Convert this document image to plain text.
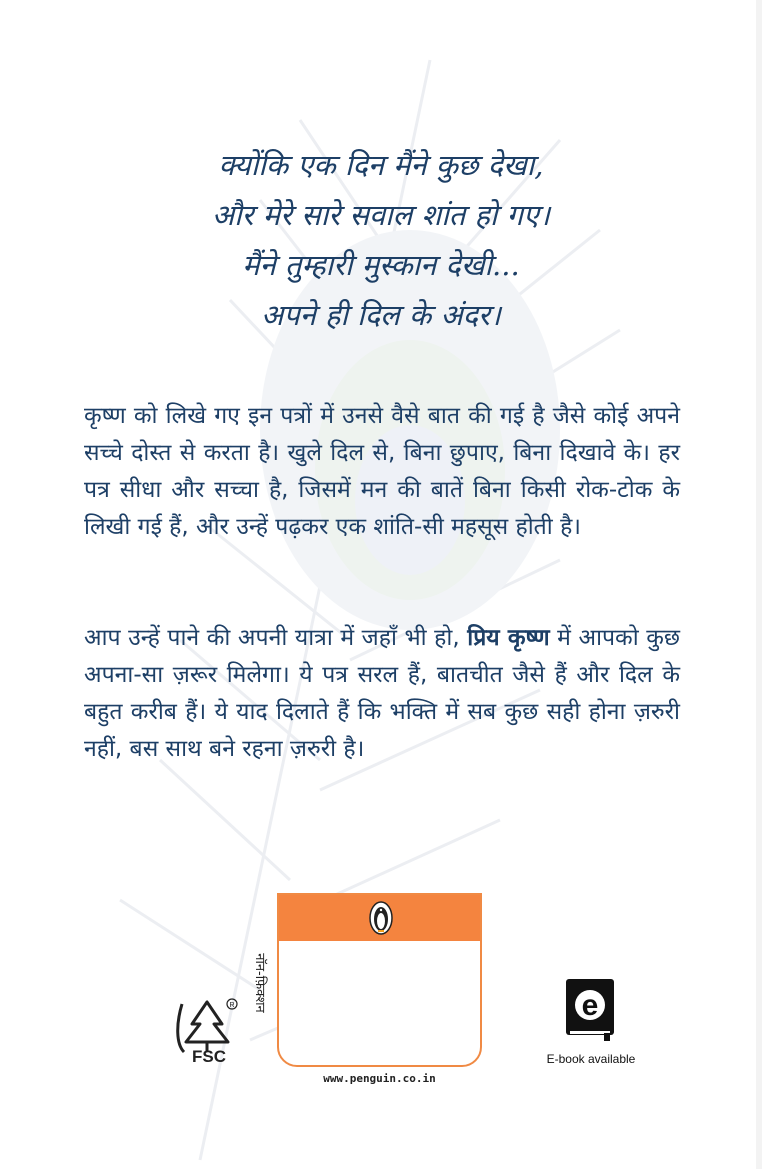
क्योंकि एक दिन मैंने कुछ देखा,
और मेरे सारे सवाल शांत हो गए।
मैंने तुम्हारी मुस्कान देखी...
अपने ही दिल के अंदर।

कृष्ण को लिखे गए इन पत्रों में उनसे वैसे बात की गई है जैसे कोई अपने सच्चे दोस्त से करता है। खुले दिल से, बिना छुपाए, बिना दिखावे के। हर पत्र सीधा और सच्चा है, जिसमें मन की बातें बिना किसी रोक-टोक के लिखी गई हैं, और उन्हें पढ़कर एक शांति-सी महसूस होती है।

आप उन्हें पाने की अपनी यात्रा में जहाँ भी हो, प्रिय कृष्ण में आपको कुछ अपना-सा ज़रूर मिलेगा। ये पत्र सरल हैं, बातचीत जैसे हैं और दिल के बहुत करीब हैं। ये याद दिलाते हैं कि भक्ति में सब कुछ सही होना ज़रुरी नहीं, बस साथ बने रहना ज़रुरी है।

नॉन-फ़िक्शन
www.penguin.co.in
R
FSC
e
E-book available
